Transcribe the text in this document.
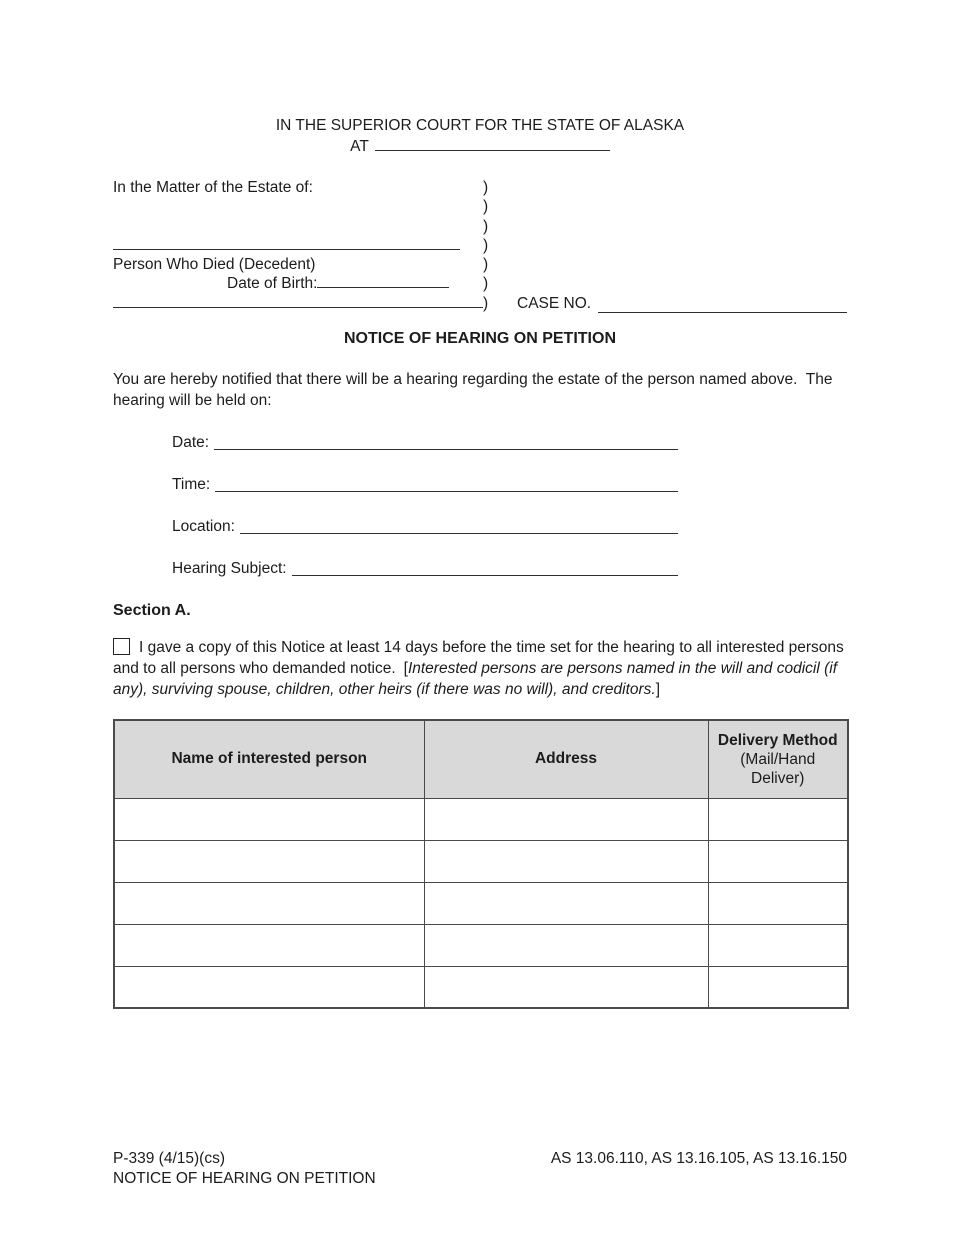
IN THE SUPERIOR COURT FOR THE STATE OF ALASKA
AT
In the Matter of the Estate of:	)
)
)
)
Person Who Died (Decedent)	)
Date of Birth:	)
)	CASE NO.
NOTICE OF HEARING ON PETITION

You are hereby notified that there will be a hearing regarding the estate of the person named above.  The hearing will be held on:

Date:
Time:
Location:
Hearing Subject:
Section A.

I gave a copy of this Notice at least 14 days before the time set for the hearing to all interested persons and to all persons who demanded notice. [Interested persons are persons named in the will and codicil (if any), surviving spouse, children, other heirs (if there was no will), and creditors.]

Name of interested person	Address	Delivery Method
(Mail/Hand Deliver)

P-339 (4/15)(cs)
NOTICE OF HEARING ON PETITION
AS 13.06.110, AS 13.16.105, AS 13.16.150
